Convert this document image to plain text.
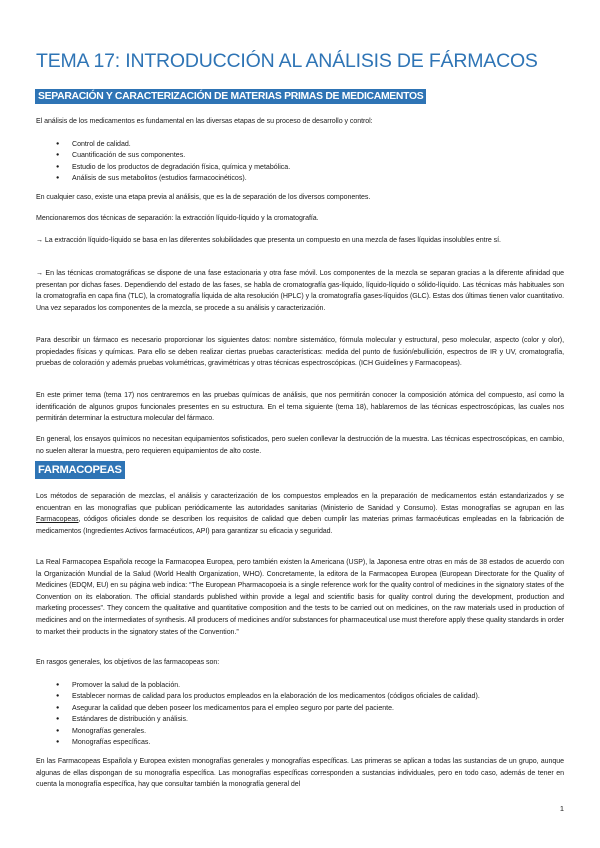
TEMA 17: INTRODUCCIÓN AL ANÁLISIS DE FÁRMACOS
SEPARACIÓN Y CARACTERIZACIÓN DE MATERIAS PRIMAS DE MEDICAMENTOS

El análisis de los medicamentos es fundamental en las diversas etapas de su proceso de desarrollo y control:

● Control de calidad.
● Cuantificación de sus componentes.
● Estudio de los productos de degradación física, química y metabólica.
● Análisis de sus metabolitos (estudios farmacocinéticos).

En cualquier caso, existe una etapa previa al análisis, que es la de separación de los diversos componentes.

Mencionaremos dos técnicas de separación: la extracción líquido-líquido y la cromatografía.

→ La extracción líquido-líquido se basa en las diferentes solubilidades que presenta un compuesto en una mezcla de fases líquidas insolubles entre sí.

→ En las técnicas cromatográficas se dispone de una fase estacionaria y otra fase móvil. Los componentes de la mezcla se separan gracias a la diferente afinidad que presentan por dichas fases. Dependiendo del estado de las fases, se habla de cromatografía gas-líquido, líquido-líquido o sólido-líquido. Las técnicas más habituales son la cromatografía en capa fina (TLC), la cromatografía líquida de alta resolución (HPLC) y la cromatografía gases-líquidos (GLC). Estas dos últimas tienen valor cuantitativo. Una vez separados los componentes de la mezcla, se procede a su análisis y caracterización.

Para describir un fármaco es necesario proporcionar los siguientes datos: nombre sistemático, fórmula molecular y estructural, peso molecular, aspecto (color y olor), propiedades físicas y químicas. Para ello se deben realizar ciertas pruebas características: medida del punto de fusión/ebullición, espectros de IR y UV, cromatografía, pruebas de coloración y además pruebas volumétricas, gravimétricas y otras técnicas espectroscópicas. (ICH Guidelines y Farmacopeas).

En este primer tema (tema 17) nos centraremos en las pruebas químicas de análisis, que nos permitirán conocer la composición atómica del compuesto, así como la identificación de algunos grupos funcionales presentes en su estructura. En el tema siguiente (tema 18), hablaremos de las técnicas espectroscópicas, las cuales nos permitirán determinar la estructura molecular del fármaco.

En general, los ensayos químicos no necesitan equipamientos sofisticados, pero suelen conllevar la destrucción de la muestra. Las técnicas espectroscópicas, en cambio, no suelen alterar la muestra, pero requieren equipamientos de alto coste.

FARMACOPEAS

Los métodos de separación de mezclas, el análisis y caracterización de los compuestos empleados en la preparación de medicamentos están estandarizados y se encuentran en las monografías que publican periódicamente las autoridades sanitarias (Ministerio de Sanidad y Consumo). Estas monografías se agrupan en las Farmacopeas, códigos oficiales donde se describen los requisitos de calidad que deben cumplir las materias primas farmacéuticas empleadas en la fabricación de medicamentos (Ingredientes Activos farmacéuticos, API) para garantizar su eficacia y seguridad.

La Real Farmacopea Española recoge la Farmacopea Europea, pero también existen la Americana (USP), la Japonesa entre otras en más de 38 estados de acuerdo con la Organización Mundial de la Salud (World Health Organization, WHO). Concretamente, la editora de la Farmacopea Europea (European Directorate for the Quality of Medicines (EDQM, EU) en su página web indica: “The European Pharmacopoeia is a single reference work for the quality control of medicines in the signatory states of the Convention on its elaboration. The official standards published within provide a legal and scientific basis for quality control during the development, production and marketing processes”. They concern the qualitative and quantitative composition and the tests to be carried out on medicines, on the raw materials used in production of medicines and on the intermediates of synthesis. All producers of medicines and/or substances for pharmaceutical use must therefore apply these quality standards in order to market their products in the signatory states of the Convention.”

En rasgos generales, los objetivos de las farmacopeas son:

● Promover la salud de la población.
● Establecer normas de calidad para los productos empleados en la elaboración de los medicamentos (códigos oficiales de calidad).
● Asegurar la calidad que deben poseer los medicamentos para el empleo seguro por parte del paciente.
● Estándares de distribución y análisis.
● Monografías generales.
● Monografías específicas.

En las Farmacopeas Española y Europea existen monografías generales y monografías específicas. Las primeras se aplican a todas las sustancias de un grupo, aunque algunas de ellas dispongan de su monografía específica. Las monografías específicas corresponden a sustancias individuales, pero en todo caso, además de tener en cuenta la monografía específica, hay que consultar también la monografía general del

1
